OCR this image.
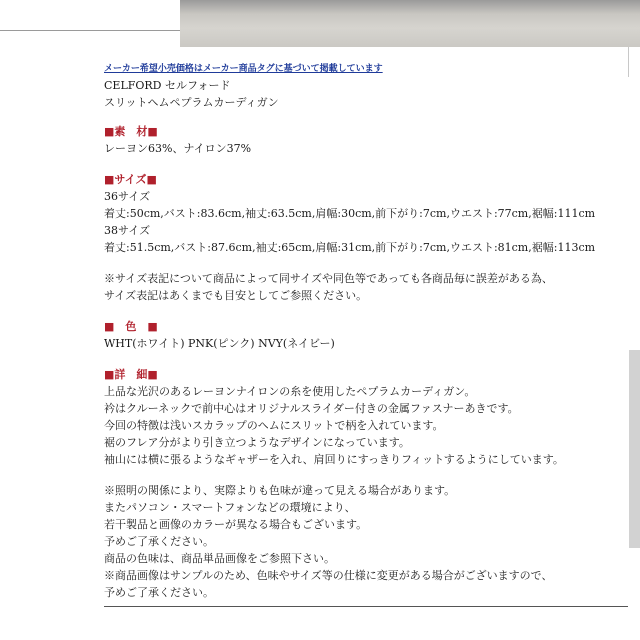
メーカー希望小売価格はメーカー商品タグに基づいて掲載しています

CELFORD セルフォード

スリットヘムペプラムカーディガン

■素　材■

レーヨン63%、ナイロン37%

■サイズ■

36サイズ

着丈:50cm,バスト:83.6cm,袖丈:63.5cm,肩幅:30cm,前下がり:7cm,ウエスト:77cm,裾幅:111cm

38サイズ

着丈:51.5cm,バスト:87.6cm,袖丈:65cm,肩幅:31cm,前下がり:7cm,ウエスト:81cm,裾幅:113cm

※サイズ表記について商品によって同サイズや同色等であっても各商品毎に誤差がある為、

サイズ表記はあくまでも目安としてご参照ください。

■　色　■

WHT(ホワイト) PNK(ピンク) NVY(ネイビー)

■詳　細■

上品な光沢のあるレーヨンナイロンの糸を使用したペプラムカーディガン。

衿はクルーネックで前中心はオリジナルスライダー付きの金属ファスナーあきです。

今回の特徴は浅いスカラップのヘムにスリットで柄を入れています。

裾のフレア分がより引き立つようなデザインになっています。

袖山には横に張るようなギャザーを入れ、肩回りにすっきりフィットするようにしています。

※照明の関係により、実際よりも色味が違って見える場合があります。

またパソコン・スマートフォンなどの環境により、

若干製品と画像のカラーが異なる場合もございます。

予めご了承ください。

商品の色味は、商品単品画像をご参照下さい。

※商品画像はサンプルのため、色味やサイズ等の仕様に変更がある場合がございますので、

予めご了承ください。
